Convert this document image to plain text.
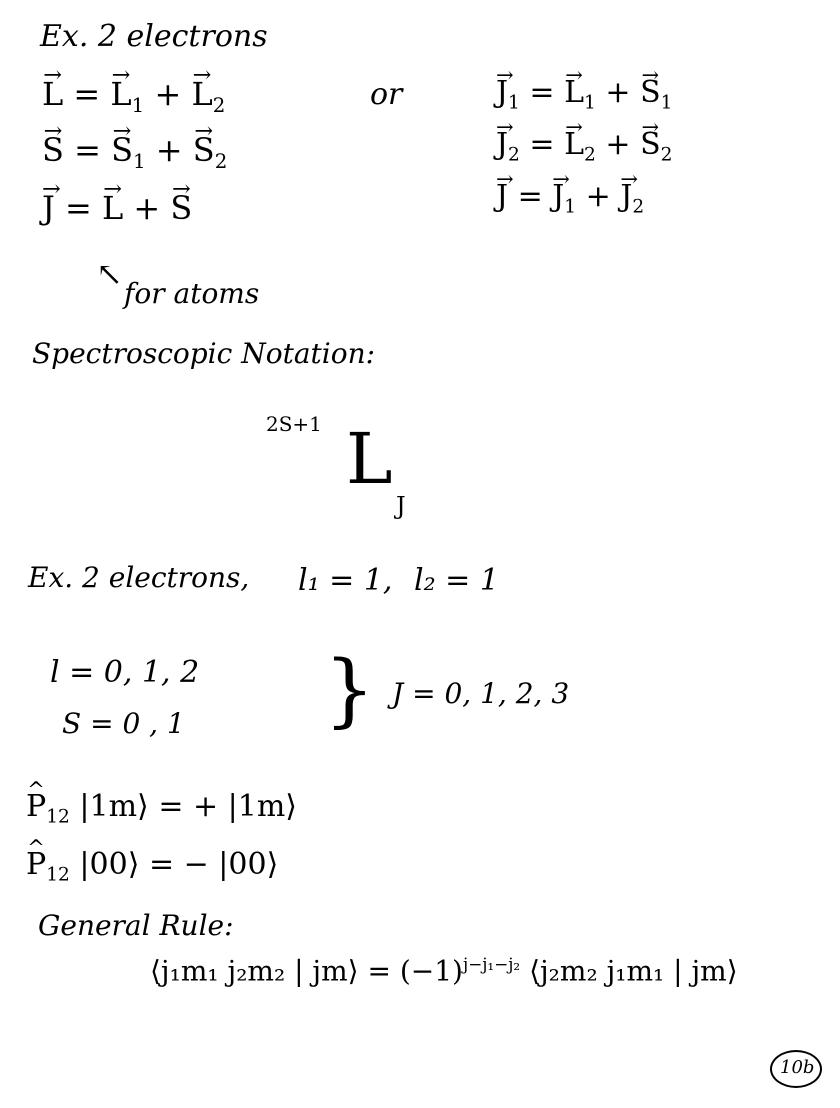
Ex. 2 electrons
→ L = → $L_1$ + → $L_2$
→ S = → $S_1$ + → $S_2$
→ J = → L + → S
or
→	$J_1$ = → $L_1$ + → $S_1$
→ $J_2$ = → $L_2$ + → $S_2$
→ J = → $J_1$ + → $J_2$
↖
for atoms
Spectroscopic Notation:
2S+1 L
J
Ex. 2 electrons, l₁ = 1, l₂ = 1
l = 0, 1, 2
S = 0 , 1 } J = 0, 1, 2, 3
^ $P_{12}$ |1m⟩ = + |1m⟩
^ $P_{12}$ |00⟩ = − |00⟩
General Rule:
⟨j₁m₁ j₂m₂ | jm⟩ = $(-1)^{j-j_1-j_2}$ ⟨j₂m₂ j₁m₁ | jm⟩
10b
